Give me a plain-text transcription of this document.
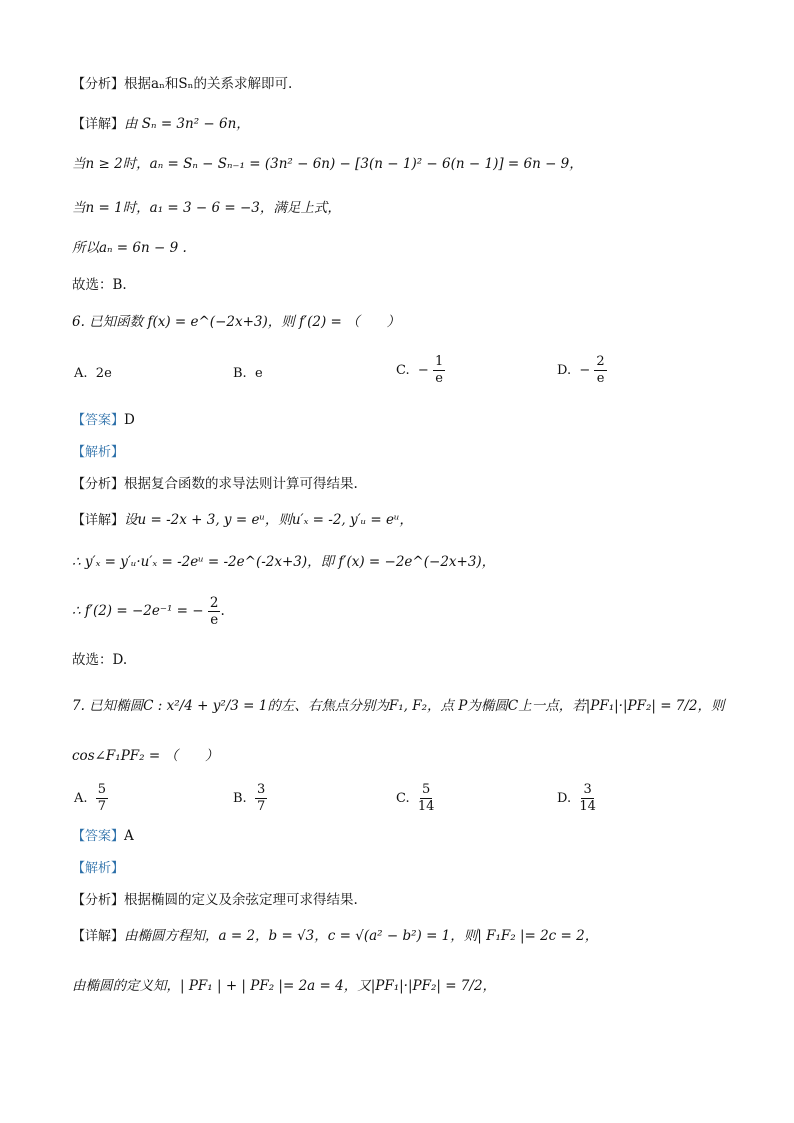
【分析】根据aₙ和Sₙ的关系求解即可.
【详解】由 Sₙ = 3n² − 6n，
当n ≥ 2时，aₙ = Sₙ − Sₙ₋₁ = (3n² − 6n) − [3(n − 1)² − 6(n − 1)] = 6n − 9，
当n = 1时，a₁ = 3 − 6 = −3，满足上式，
所以aₙ = 6n − 9 .
故选：B.
6. 已知函数 f(x) = e^(−2x+3)，则 f′(2) = （　　）
A. 2e	B. e	C. − $\frac{1}{e}$	D. − $\frac{2}{e}$
【答案】D
【解析】
【分析】根据复合函数的求导法则计算可得结果.
【详解】设u = -2x + 3, y = eᵘ，则u′ₓ = -2, y′ᵤ = eᵘ，
∴ y′ₓ = y′ᵤ·u′ₓ = -2eᵘ = -2e^(-2x+3)，即 f′(x) = −2e^(−2x+3)，
∴ f′(2) = −2e⁻¹ = − $\frac{2}{e}$ .
故选：D.
7. 已知椭圆C : x²/4 + y²/3 = 1的左、右焦点分别为F₁, F₂，点 P为椭圆C上一点，若|PF₁|·|PF₂| = 7/2，则
cos∠F₁PF₂ = （　　）
A. $\frac{5}{7}$	B. $\frac{3}{7}$	C. $\frac{5}{14}$	D. $\frac{3}{14}$
【答案】A
【解析】
【分析】根据椭圆的定义及余弦定理可求得结果.
【详解】由椭圆方程知，a = 2，b = √3，c = √(a² − b²) = 1，则| F₁F₂ |= 2c = 2，
由椭圆的定义知，| PF₁ | + | PF₂ |= 2a = 4，又|PF₁|·|PF₂| = 7/2，
